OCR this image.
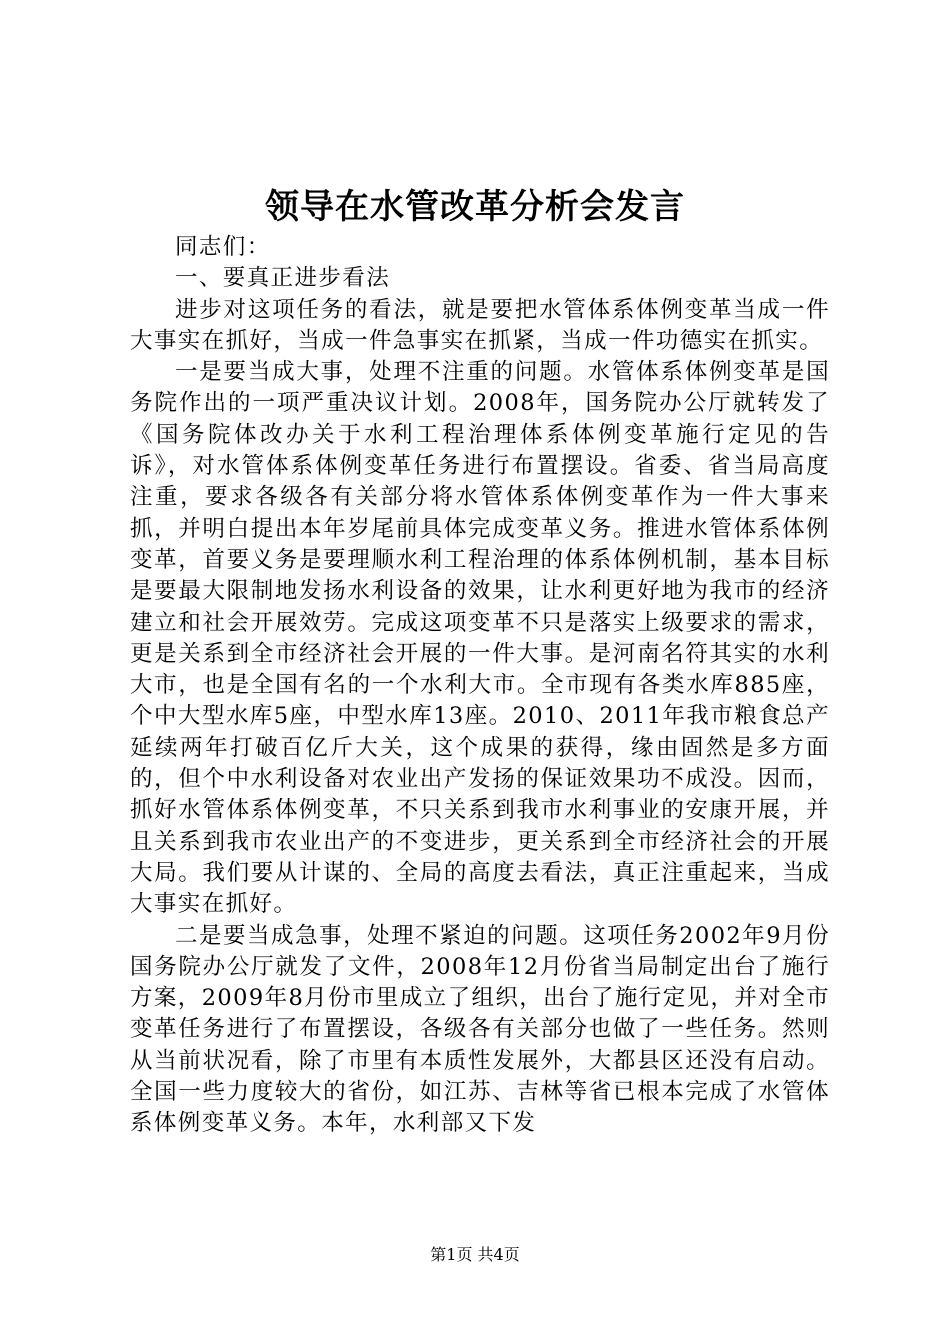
领导在水管改革分析会发言

同志们：

一、要真正进步看法

进步对这项任务的看法，就是要把水管体系体例变革当成一件大事实在抓好，当成一件急事实在抓紧，当成一件功德实在抓实。

一是要当成大事，处理不注重的问题。水管体系体例变革是国务院作出的一项严重决议计划。2008年，国务院办公厅就转发了《国务院体改办关于水利工程治理体系体例变革施行定见的告诉》，对水管体系体例变革任务进行布置摆设。省委、省当局高度注重，要求各级各有关部分将水管体系体例变革作为一件大事来抓，并明白提出本年岁尾前具体完成变革义务。推进水管体系体例变革，首要义务是要理顺水利工程治理的体系体例机制，基本目标是要最大限制地发扬水利设备的效果，让水利更好地为我市的经济建立和社会开展效劳。完成这项变革不只是落实上级要求的需求，更是关系到全市经济社会开展的一件大事。是河南名符其实的水利大市，也是全国有名的一个水利大市。全市现有各类水库885座，个中大型水库5座，中型水库13座。2010、2011年我市粮食总产延续两年打破百亿斤大关，这个成果的获得，缘由固然是多方面的，但个中水利设备对农业出产发扬的保证效果功不成没。因而，抓好水管体系体例变革，不只关系到我市水利事业的安康开展，并且关系到我市农业出产的不变进步，更关系到全市经济社会的开展大局。我们要从计谋的、全局的高度去看法，真正注重起来，当成大事实在抓好。

二是要当成急事，处理不紧迫的问题。这项任务2002年9月份国务院办公厅就发了文件，2008年12月份省当局制定出台了施行方案，2009年8月份市里成立了组织，出台了施行定见，并对全市变革任务进行了布置摆设，各级各有关部分也做了一些任务。然则从当前状况看，除了市里有本质性发展外，大都县区还没有启动。全国一些力度较大的省份，如江苏、吉林等省已根本完成了水管体系体例变革义务。本年，水利部又下发

第1页 共4页
